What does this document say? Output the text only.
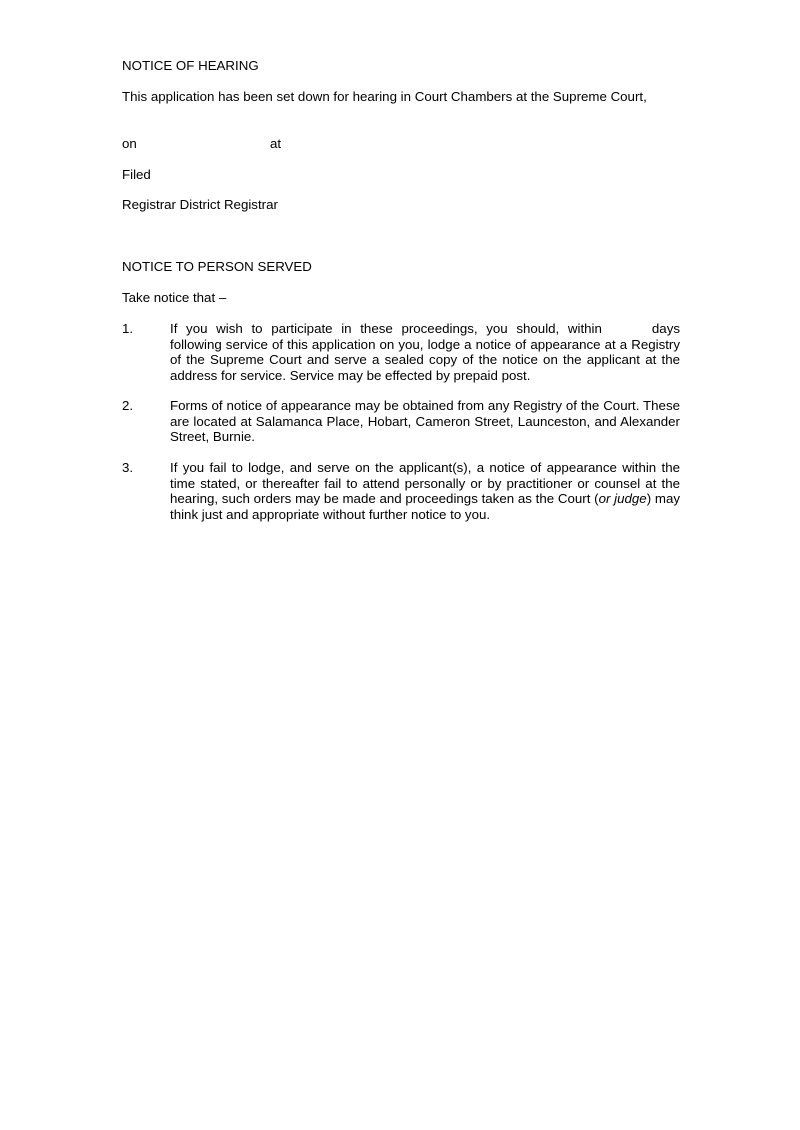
NOTICE OF HEARING
This application has been set down for hearing in Court Chambers at the Supreme Court,
on	at
Filed
Registrar District Registrar
NOTICE TO PERSON SERVED
Take notice that –
1.	If you wish to participate in these proceedings, you should, within	days following service of this application on you, lodge a notice of appearance at a Registry of the Supreme Court and serve a sealed copy of the notice on the applicant at the address for service. Service may be effected by prepaid post.
2.	Forms of notice of appearance may be obtained from any Registry of the Court. These are located at Salamanca Place, Hobart, Cameron Street, Launceston, and Alexander Street, Burnie.
3.	If you fail to lodge, and serve on the applicant(s), a notice of appearance within the time stated, or thereafter fail to attend personally or by practitioner or counsel at the hearing, such orders may be made and proceedings taken as the Court (or judge) may think just and appropriate without further notice to you.
